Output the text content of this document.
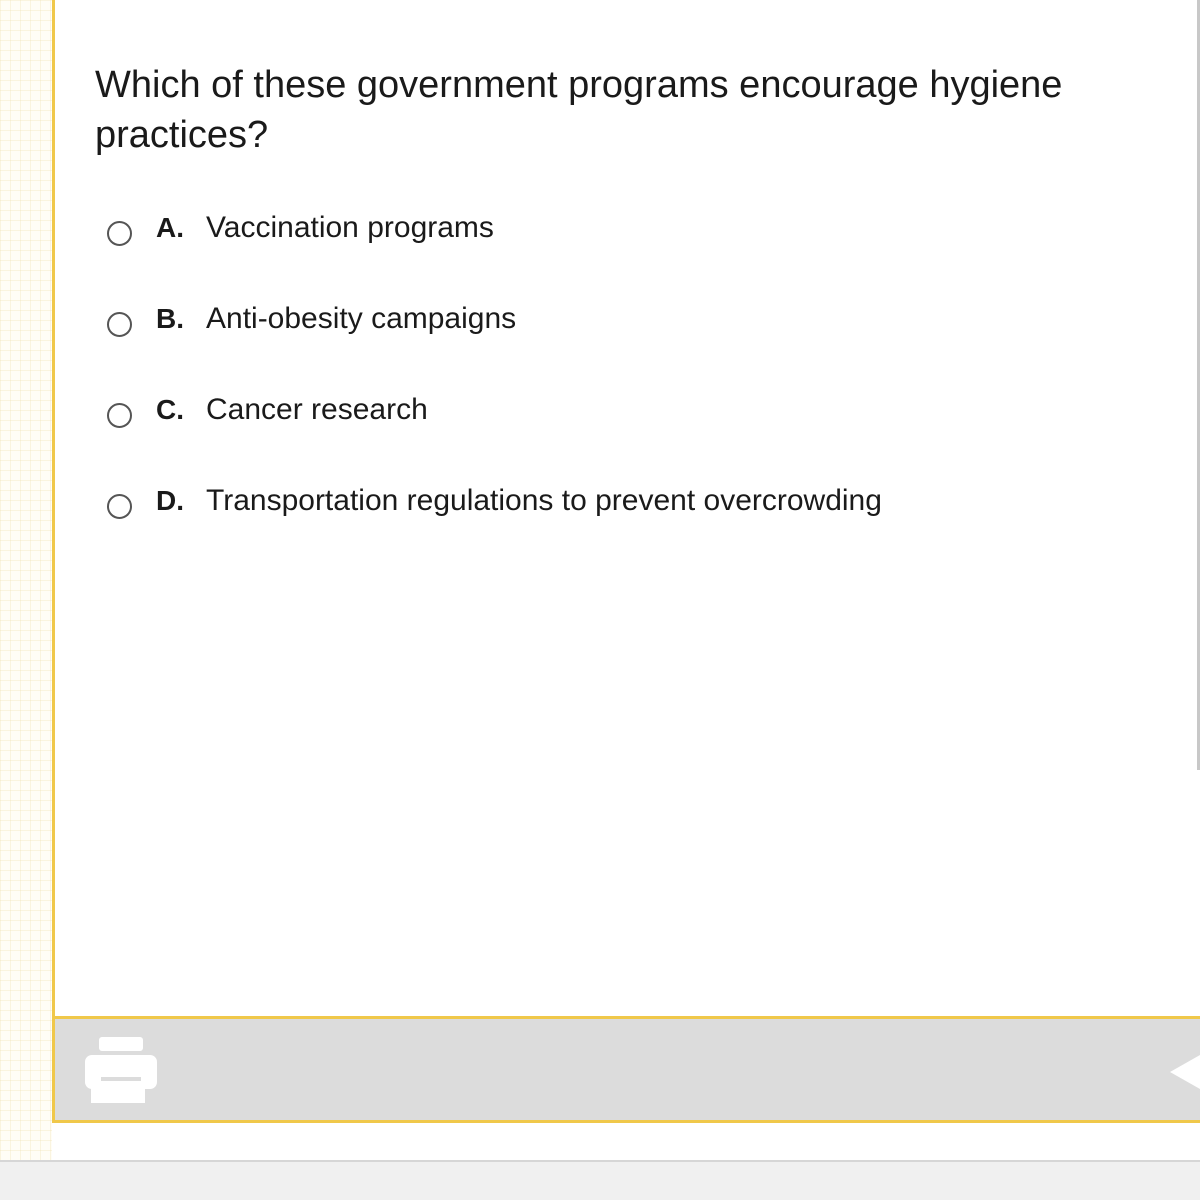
Which of these government programs encourage hygiene practices?
A. Vaccination programs
B. Anti-obesity campaigns
C. Cancer research
D. Transportation regulations to prevent overcrowding
